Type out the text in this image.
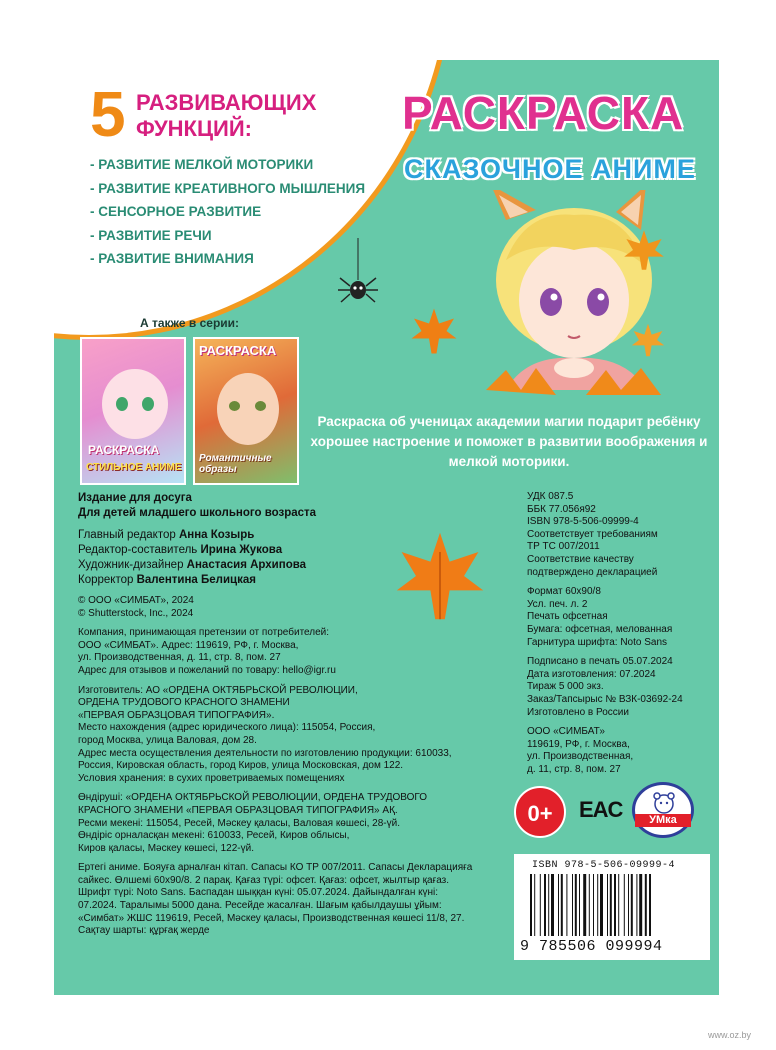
5 РАЗВИВАЮЩИХ
ФУНКЦИЙ:
- РАЗВИТИЕ МЕЛКОЙ МОТОРИКИ
- РАЗВИТИЕ КРЕАТИВНОГО МЫШЛЕНИЯ
- СЕНСОРНОЕ РАЗВИТИЕ
- РАЗВИТИЕ РЕЧИ
- РАЗВИТИЕ ВНИМАНИЯ
РАСКРАСКА
СКАЗОЧНОЕ АНИМЕ
А также в серии:
РАСКРАСКА
СТИЛЬНОЕ АНИМЕ
РАСКРАСКА
Романтичные образы
Раскраска об ученицах академии магии подарит ребёнку хорошее настроение и поможет в развитии воображения и мелкой моторики.
Издание для досуга
Для детей младшего школьного возраста
Главный редактор Анна Козырь
Редактор-составитель Ирина Жукова
Художник-дизайнер Анастасия Архипова
Корректор Валентина Белицкая
© ООО «СИМБАТ», 2024
© Shutterstock, Inc., 2024
Компания, принимающая претензии от потребителей:
ООО «СИМБАТ». Адрес: 119619, РФ, г. Москва,
ул. Производственная, д. 11, стр. 8, пом. 27
Адрес для отзывов и пожеланий по товару: hello@igr.ru
Изготовитель: АО «ОРДЕНА ОКТЯБРЬСКОЙ РЕВОЛЮЦИИ,
ОРДЕНА ТРУДОВОГО КРАСНОГО ЗНАМЕНИ
«ПЕРВАЯ ОБРАЗЦОВАЯ ТИПОГРАФИЯ».
Место нахождения (адрес юридического лица): 115054, Россия,
город Москва, улица Валовая, дом 28.
Адрес места осуществления деятельности по изготовлению продукции: 610033,
Россия, Кировская область, город Киров, улица Московская, дом 122.
Условия хранения: в сухих проветриваемых помещениях
Өндіруші: «ОРДЕНА ОКТЯБРЬСКОЙ РЕВОЛЮЦИИ, ОРДЕНА ТРУДОВОГО
КРАСНОГО ЗНАМЕНИ «ПЕРВАЯ ОБРАЗЦОВАЯ ТИПОГРАФИЯ» АҚ.
Ресми мекені: 115054, Ресей, Мәскеу қаласы, Валовая көшесі, 28-үй.
Өндіріс орналасқан мекені: 610033, Ресей, Киров облысы,
Киров қаласы, Мәскеу көшесі, 122-үй.
Ертегі аниме. Бояуға арналған кітап. Сапасы КО ТР 007/2011. Сапасы Декларацияға
сайкес. Өлшемі 60х90/8. 2 парақ. Қағаз түрі: офсет. Қағаз: офсет, жылтыр қағаз.
Шрифт түрі: Noto Sans. Баспадан шыққан күні: 05.07.2024. Дайындалған күні:
07.2024. Таралымы 5000 дана. Ресейде жасалған. Шағым қабылдаушы ұйым:
«Симбат» ЖШС 119619, Ресей, Мәскеу қаласы, Производственная көшесі 11/8, 27.
Сақтау шарты: құрғақ жерде
УДК 087.5
ББК 77.056я92
ISBN 978-5-506-09999-4
Соответствует требованиям
ТР ТС 007/2011
Соответствие качеству
подтверждено декларацией
Формат 60х90/8
Усл. печ. л. 2
Печать офсетная
Бумага: офсетная, мелованная
Гарнитура шрифта: Noto Sans
Подписано в печать 05.07.2024
Дата изготовления: 07.2024
Тираж 5 000 экз.
Заказ/Тапсырыс № ВЗК-03692-24
Изготовлено в России
ООО «СИМБАТ»
119619, РФ, г. Москва,
ул. Производственная,
д. 11, стр. 8, пом. 27
0+	EAC	УМка
ISBN 978-5-506-09999-4
9 785506 099994
www.oz.by
